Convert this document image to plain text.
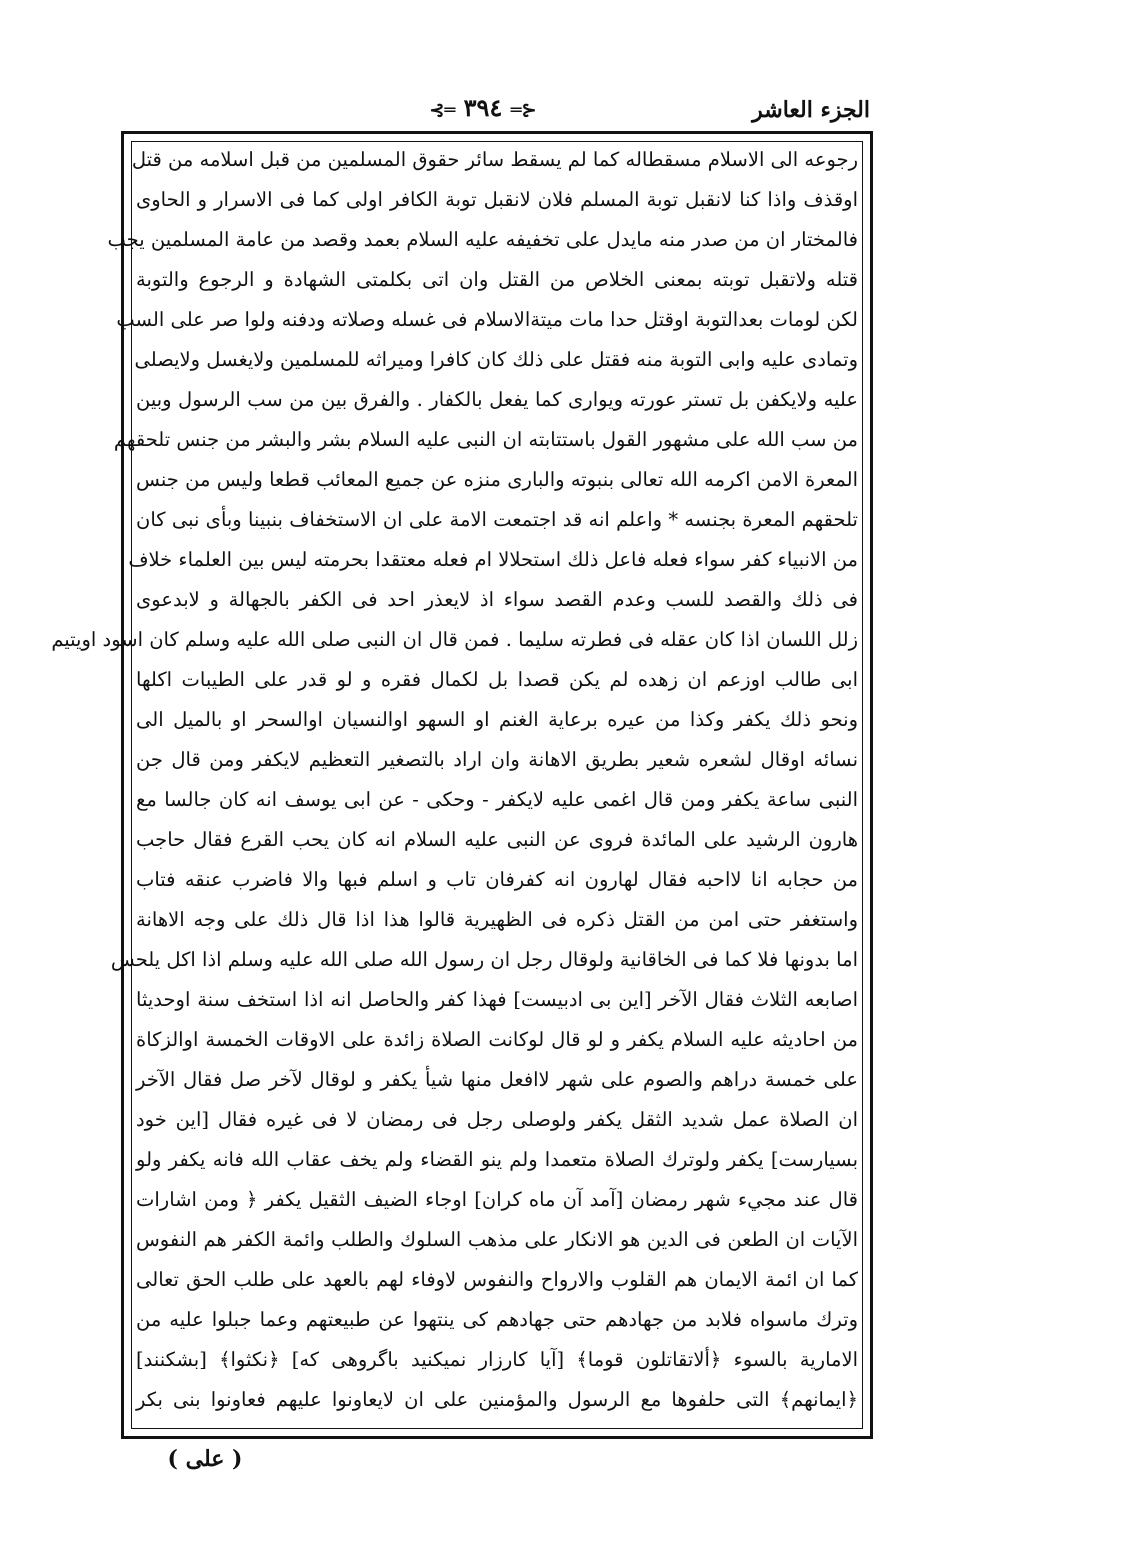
الجزء العاشر
⊰═ ٣٩٤ ═⊱
رجوعه الى الاسلام مسقطاله كما لم يسقط سائر حقوق المسلمين من قبل اسلامه من قتل
اوقذف واذا كنا لانقبل توبة المسلم فلان لانقبل توبة الكافر اولى كما فى الاسرار و الحاوى
فالمختار ان من صدر منه مايدل على تخفيفه عليه السلام بعمد وقصد من عامة المسلمين يجب
قتله ولاتقبل توبته بمعنى الخلاص من القتل وان اتى بكلمتى الشهادة و الرجوع والتوبة
لكن لومات بعدالتوبة اوقتل حدا مات ميتةالاسلام فى غسله وصلاته ودفنه ولوا صر على السب
وتمادى عليه وابى التوبة منه فقتل على ذلك كان كافرا وميراثه للمسلمين ولايغسل ولايصلى
عليه ولايكفن بل تستر عورته ويوارى كما يفعل بالكفار . والفرق بين من سب الرسول وبين
من سب الله على مشهور القول باستتابته ان النبى عليه السلام بشر والبشر من جنس تلحقهم
المعرة الامن اكرمه الله تعالى بنبوته والبارى منزه عن جميع المعائب قطعا وليس من جنس
تلحقهم المعرة بجنسه * واعلم انه قد اجتمعت الامة على ان الاستخفاف بنبينا وبأى نبى كان
من الانبياء كفر سواء فعله فاعل ذلك استحلالا ام فعله معتقدا بحرمته ليس بين العلماء خلاف
فى ذلك والقصد للسب وعدم القصد سواء اذ لايعذر احد فى الكفر بالجهالة و لابدعوى
زلل اللسان اذا كان عقله فى فطرته سليما . فمن قال ان النبى صلى الله عليه وسلم كان اسود اويتيم
ابى طالب اوزعم ان زهده لم يكن قصدا بل لكمال فقره و لو قدر على الطيبات اكلها
ونحو ذلك يكفر وكذا من عيره برعاية الغنم او السهو اوالنسيان اوالسحر او بالميل الى
نسائه اوقال لشعره شعير بطريق الاهانة وان اراد بالتصغير التعظيم لايكفر ومن قال جن
النبى ساعة يكفر ومن قال اغمى عليه لايكفر - وحكى - عن ابى يوسف انه كان جالسا مع
هارون الرشيد على المائدة فروى عن النبى عليه السلام انه كان يحب القرع فقال حاجب
من حجابه انا لااحبه فقال لهارون انه كفرفان تاب و اسلم فبها والا فاضرب عنقه فتاب
واستغفر حتى امن من القتل ذكره فى الظهيرية قالوا هذا اذا قال ذلك على وجه الاهانة
اما بدونها فلا كما فى الخاقانية ولوقال رجل ان رسول الله صلى الله عليه وسلم اذا اكل يلحس
اصابعه الثلاث فقال الآخر [اين بى ادبيست] فهذا كفر والحاصل انه اذا استخف سنة اوحديثا
من احاديثه عليه السلام يكفر و لو قال لوكانت الصلاة زائدة على الاوقات الخمسة اوالزكاة
على خمسة دراهم والصوم على شهر لاافعل منها شيأ يكفر و لوقال لآخر صل فقال الآخر
ان الصلاة عمل شديد الثقل يكفر ولوصلى رجل فى رمضان لا فى غيره فقال [اين خود
بسيارست] يكفر ولوترك الصلاة متعمدا ولم ينو القضاء ولم يخف عقاب الله فانه يكفر ولو
قال عند مجيء شهر رمضان [آمد آن ماه كران] اوجاء الضيف الثقيل يكفر ﴿ ومن اشارات
الآيات ان الطعن فى الدين هو الانكار على مذهب السلوك والطلب وائمة الكفر هم النفوس
كما ان ائمة الايمان هم القلوب والارواح والنفوس لاوفاء لهم بالعهد على طلب الحق تعالى
وترك ماسواه فلابد من جهادهم حتى جهادهم كى ينتهوا عن طبيعتهم وعما جبلوا عليه من
الامارية بالسوء ﴿ألاتقاتلون قوما﴾ [آيا كارزار نميكنيد باگروهى كه] ﴿نكثوا﴾ [بشكنند]
﴿ايمانهم﴾ التى حلفوها مع الرسول والمؤمنين على ان لايعاونوا عليهم فعاونوا بنى بكر
( على )
